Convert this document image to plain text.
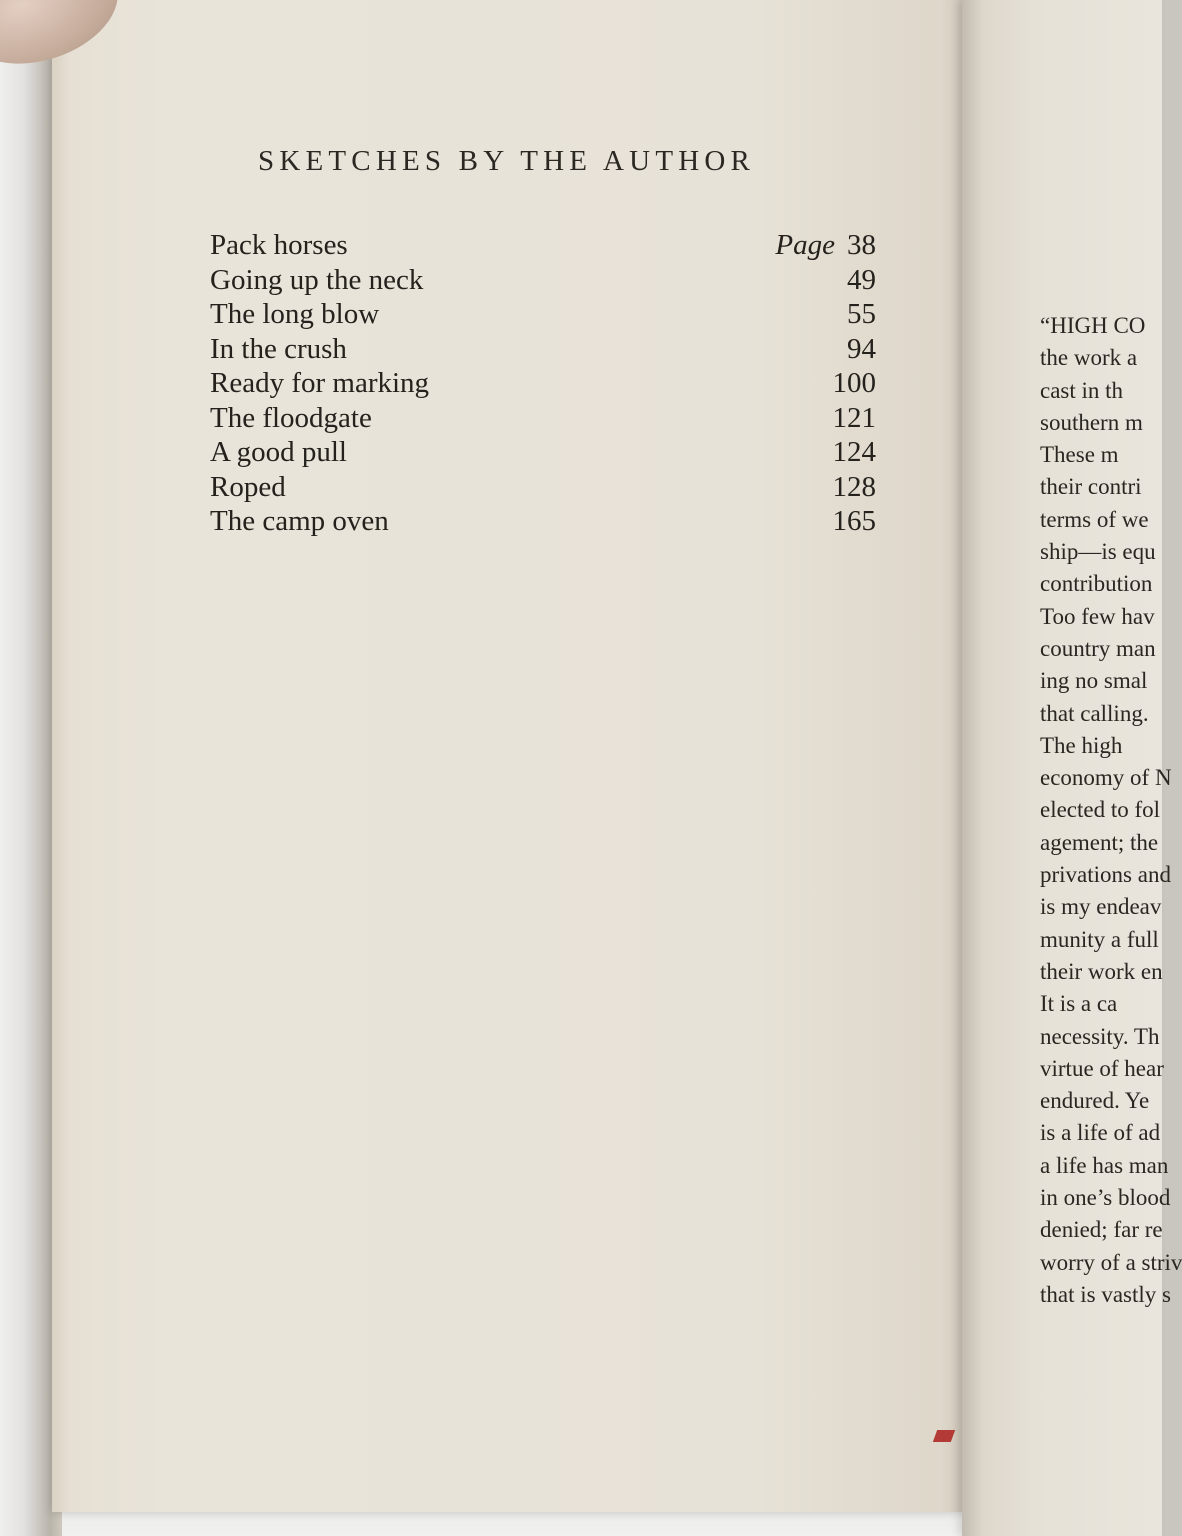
SKETCHES BY THE AUTHOR
Pack horses	Page 38
Going up the neck	49
The long blow	55
In the crush	94
Ready for marking	100
The floodgate	121
A good pull	124
Roped	128
The camp oven	165
“HIGH CO
the work a
cast in th
southern m
These m
their contri
terms of we
ship—is equ
contribution
Too few hav
country man
ing no smal
that calling.
The high
economy of N
elected to fol
agement; the
privations and
is my endeav
munity a full
their work en
It is a ca
necessity. Th
virtue of hear
endured. Ye
is a life of ad
a life has man
in one’s blood
denied; far re
worry of a striv
that is vastly s
